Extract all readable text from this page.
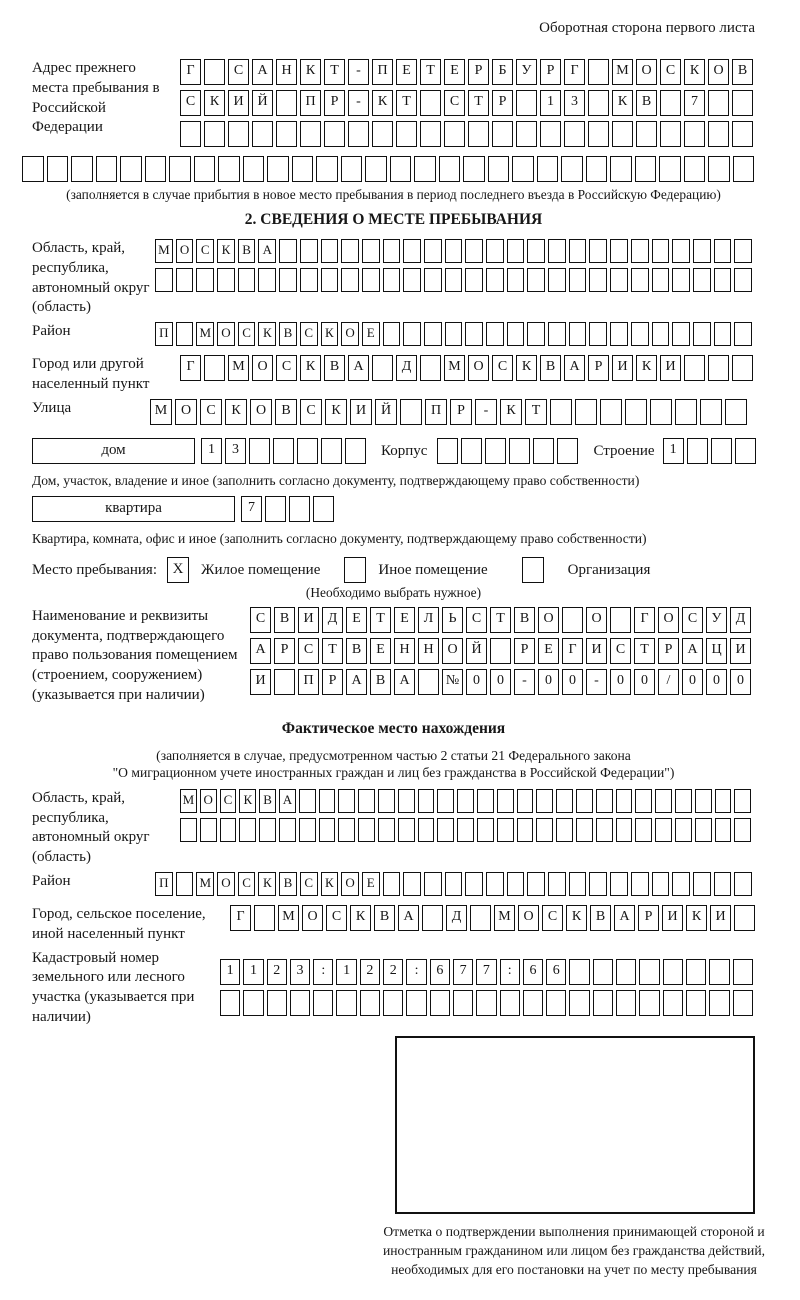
Оборотная сторона первого листа
Адрес прежнего места пребывания в Российской Федерации
Г	С А Н К Т - П Е Т Е Р Б У Р Г	М О С К О В
С К И Й	П Р - К Т	С Т Р	1 3	К В	7
(заполняется в случае прибытия в новое место пребывания в период последнего въезда в Российскую Федерацию)
2. СВЕДЕНИЯ О МЕСТЕ ПРЕБЫВАНИЯ
Область, край, республика, автономный округ (область)
М О С К В А
Район	П М О С К В С К О Е
Город или другой населенный пункт
Г	М О С К В А	Д	М О С К В А Р И К И
Улица	М О С К О В С К И Й	П Р - К Т
дом	1 3	Корпус	Строение	1
Дом, участок, владение и иное (заполнить согласно документу, подтверждающему право собственности)
квартира	7
Квартира, комната, офис и иное (заполнить согласно документу, подтверждающему право собственности)
Место пребывания:	X	Жилое помещение	Иное помещение	Организация
(Необходимо выбрать нужное)
Наименование и реквизиты документа, подтверждающего право пользования помещением (строением, сооружением) (указывается при наличии)
С В И Д Е Т Е Л Ь С Т В О	О	Г О С У Д
А Р С Т В Е Н Н О Й	Р Е Г И С Т Р А Ц И
И	П Р А В А	№ 0 0 - 0 0 - 0 0 / 0 0 0
Фактическое место нахождения
(заполняется в случае, предусмотренном частью 2 статьи 21 Федерального закона
"О миграционном учете иностранных граждан и лиц без гражданства в Российской Федерации")
Область, край, республика, автономный округ (область)
М О С К В А
Район	П М О С К В С К О Е
Город, сельское поселение, иной населенный пункт
Г	М О С К В А	Д	М О С К В А Р И К И
Кадастровый номер земельного или лесного участка (указывается при наличии)
1 1 2 3 : 1 2 2 : 6 7 7 : 6 6
Отметка о подтверждении выполнения принимающей стороной и иностранным гражданином или лицом без гражданства действий, необходимых для его постановки на учет по месту пребывания
